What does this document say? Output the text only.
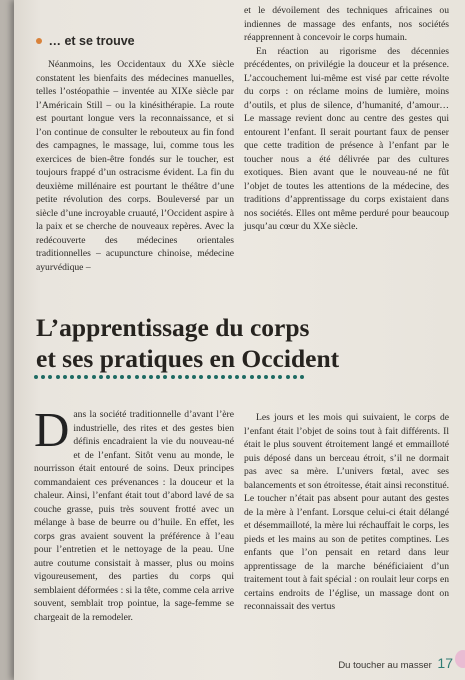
et le dévoilement des techniques africaines ou indiennes de massage des enfants, nos sociétés réapprennent à concevoir le corps humain.

En réaction au rigorisme des décennies précédentes, on privilégie la douceur et la présence. L’accouchement lui-même est visé par cette révolte du corps : on réclame moins de lumière, moins d’outils, et plus de silence, d’humanité, d’amour… Le massage revient donc au centre des gestes qui entourent l’enfant. Il serait pourtant faux de penser que cette tradition de présence à l’enfant par le toucher nous a été délivrée par des cultures exotiques. Bien avant que le nouveau-né ne fût l’objet de toutes les attentions de la médecine, des traditions d’apprentissage du corps existaient dans nos sociétés. Elles ont même perduré pour beaucoup jusqu’au cœur du XXe siècle.

… et se trouve

Néanmoins, les Occidentaux du XXe siècle constatent les bienfaits des médecines manuelles, telles l’ostéopathie – inventée au XIXe siècle par l’Américain Still – ou la kinésithérapie. La route est pourtant longue vers la reconnaissance, et si l’on continue de consulter le rebouteux au fin fond des campagnes, le massage, lui, comme tous les exercices de bien-être fondés sur le toucher, est toujours frappé d’un ostracisme évident. La fin du deuxième millénaire est pourtant le théâtre d’une petite révolution des corps. Bouleversé par un siècle d’une incroyable cruauté, l’Occident aspire à la paix et se cherche de nouveaux repères. Avec la redécouverte des médecines orientales traditionnelles – acupuncture chinoise, médecine ayurvédique –

L’apprentissage du corps
et ses pratiques en Occident

Dans la société traditionnelle d’avant l’ère industrielle, des rites et des gestes bien définis encadraient la vie du nouveau-né et de l’enfant. Sitôt venu au monde, le nourrisson était entouré de soins. Deux principes commandaient ces prévenances : la douceur et la chaleur. Ainsi, l’enfant était tout d’abord lavé de sa couche grasse, puis très souvent frotté avec un mélange à base de beurre ou d’huile. En effet, les corps gras avaient souvent la préférence à l’eau pour l’entretien et le nettoyage de la peau. Une autre coutume consistait à masser, plus ou moins vigoureusement, des parties du corps qui semblaient déformées : si la tête, comme cela arrive souvent, semblait trop pointue, la sage-femme se chargeait de la remodeler.

Les jours et les mois qui suivaient, le corps de l’enfant était l’objet de soins tout à fait différents. Il était le plus souvent étroitement langé et emmailloté puis déposé dans un berceau étroit, s’il ne dormait pas avec sa mère. L’univers fœtal, avec ses balancements et son étroitesse, était ainsi reconstitué. Le toucher n’était pas absent pour autant des gestes de la mère à l’enfant. Lorsque celui-ci était délangé et désemmailloté, la mère lui réchauffait le corps, les pieds et les mains au son de petites comptines. Les enfants que l’on pensait en retard dans leur apprentissage de la marche bénéficiaient d’un traitement tout à fait spécial : on roulait leur corps en certains endroits de l’église, un massage dont on reconnaissait des vertus

Du toucher au masser 17
